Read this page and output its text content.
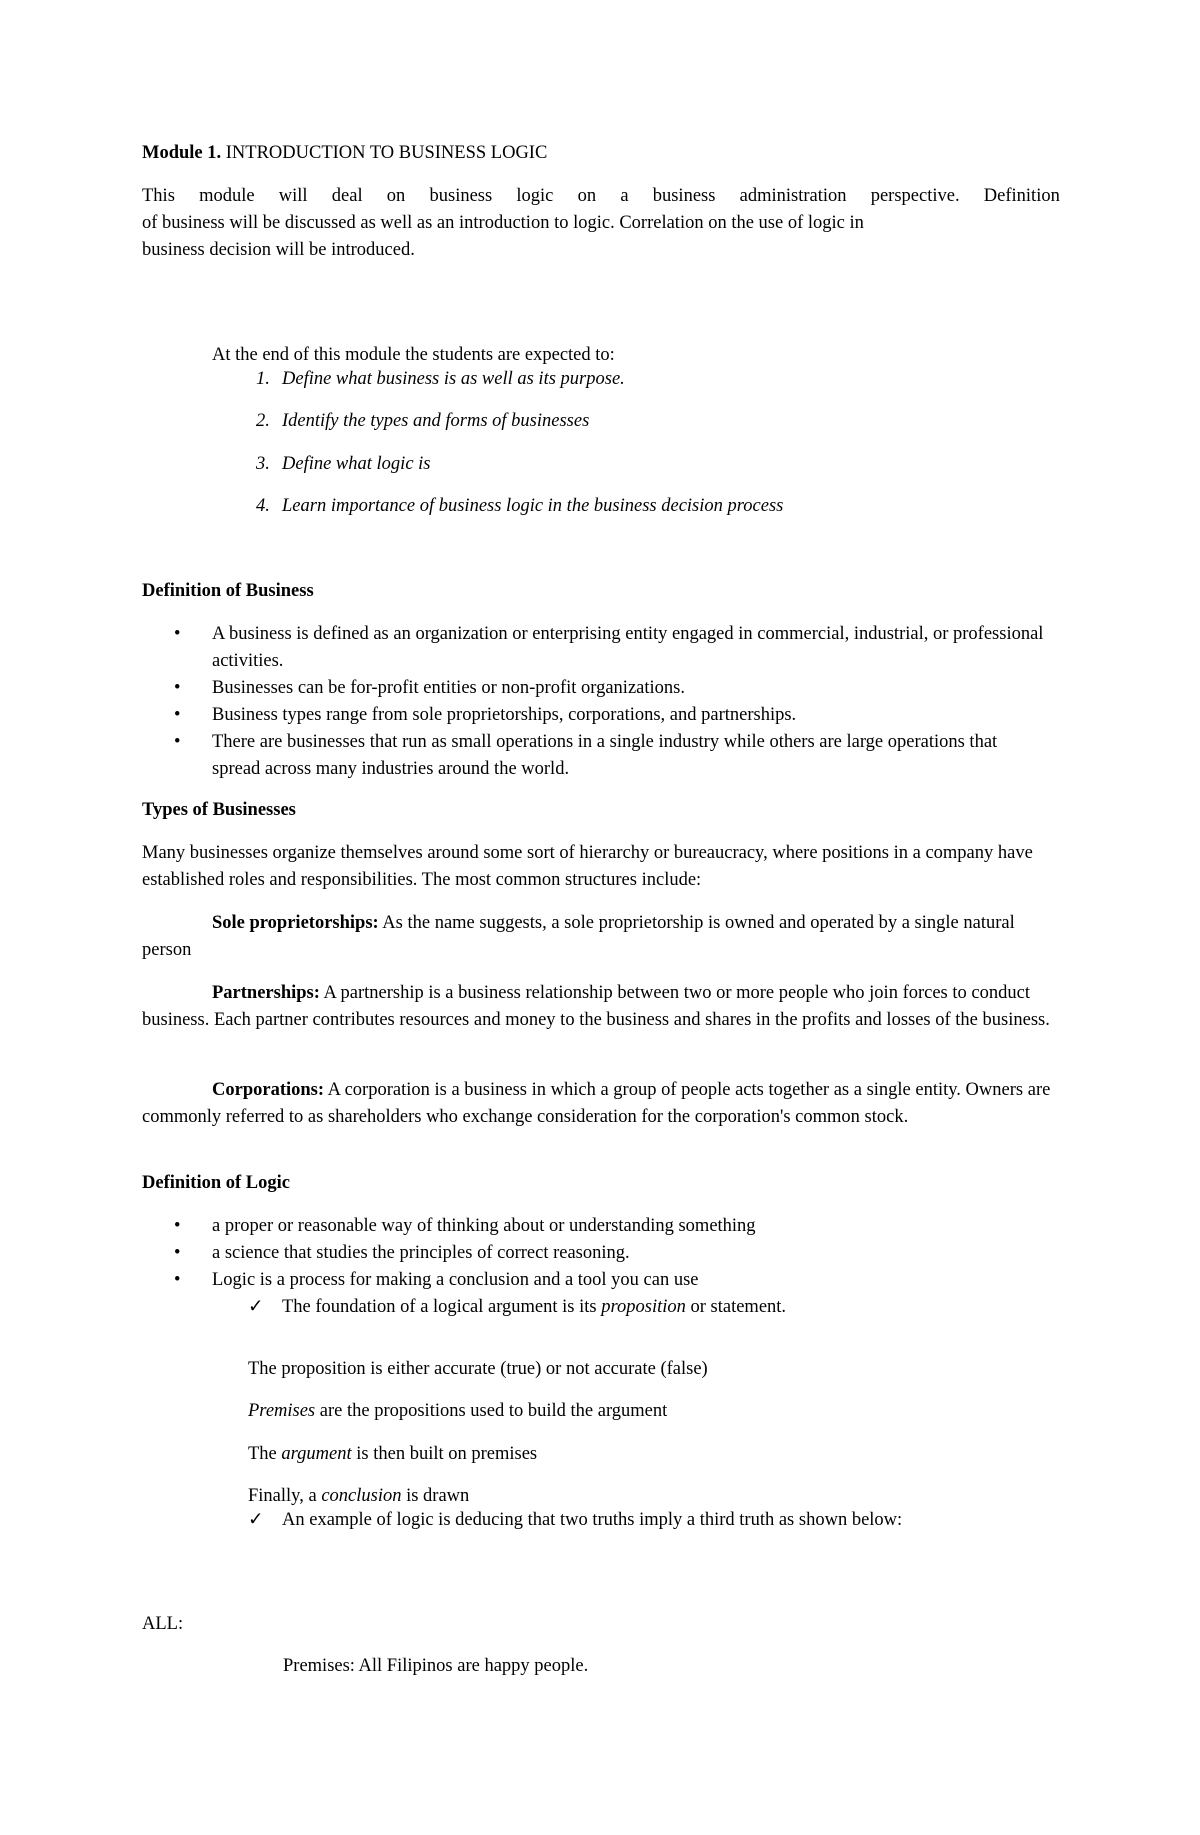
Module 1. INTRODUCTION TO BUSINESS LOGIC

This module will deal on business logic on a business administration perspective. Definition
of business will be discussed as well as an introduction to logic. Correlation on the use of logic in
business decision will be introduced.

At the end of this module the students are expected to:

1. Define what business is as well as its purpose.
2. Identify the types and forms of businesses
3. Define what logic is
4. Learn importance of business logic in the business decision process

Definition of Business

• A business is defined as an organization or enterprising entity engaged in commercial, industrial, or professional activities.
• Businesses can be for-profit entities or non-profit organizations.
• Business types range from sole proprietorships, corporations, and partnerships.
• There are businesses that run as small operations in a single industry while others are large operations that spread across many industries around the world.

Types of Businesses

Many businesses organize themselves around some sort of hierarchy or bureaucracy, where positions in a company have established roles and responsibilities. The most common structures include:

Sole proprietorships: As the name suggests, a sole proprietorship is owned and operated by a single natural person

Partnerships: A partnership is a business relationship between two or more people who join forces to conduct business. Each partner contributes resources and money to the business and shares in the profits and losses of the business.

Corporations: A corporation is a business in which a group of people acts together as a single entity. Owners are commonly referred to as shareholders who exchange consideration for the corporation's common stock.

Definition of Logic

• a proper or reasonable way of thinking about or understanding something
• a science that studies the principles of correct reasoning.
• Logic is a process for making a conclusion and a tool you can use
✓ The foundation of a logical argument is its proposition or statement.

The proposition is either accurate (true) or not accurate (false)

Premises are the propositions used to build the argument

The argument is then built on premises

Finally, a conclusion is drawn

✓ An example of logic is deducing that two truths imply a third truth as shown below:

ALL:

Premises: All Filipinos are happy people.
